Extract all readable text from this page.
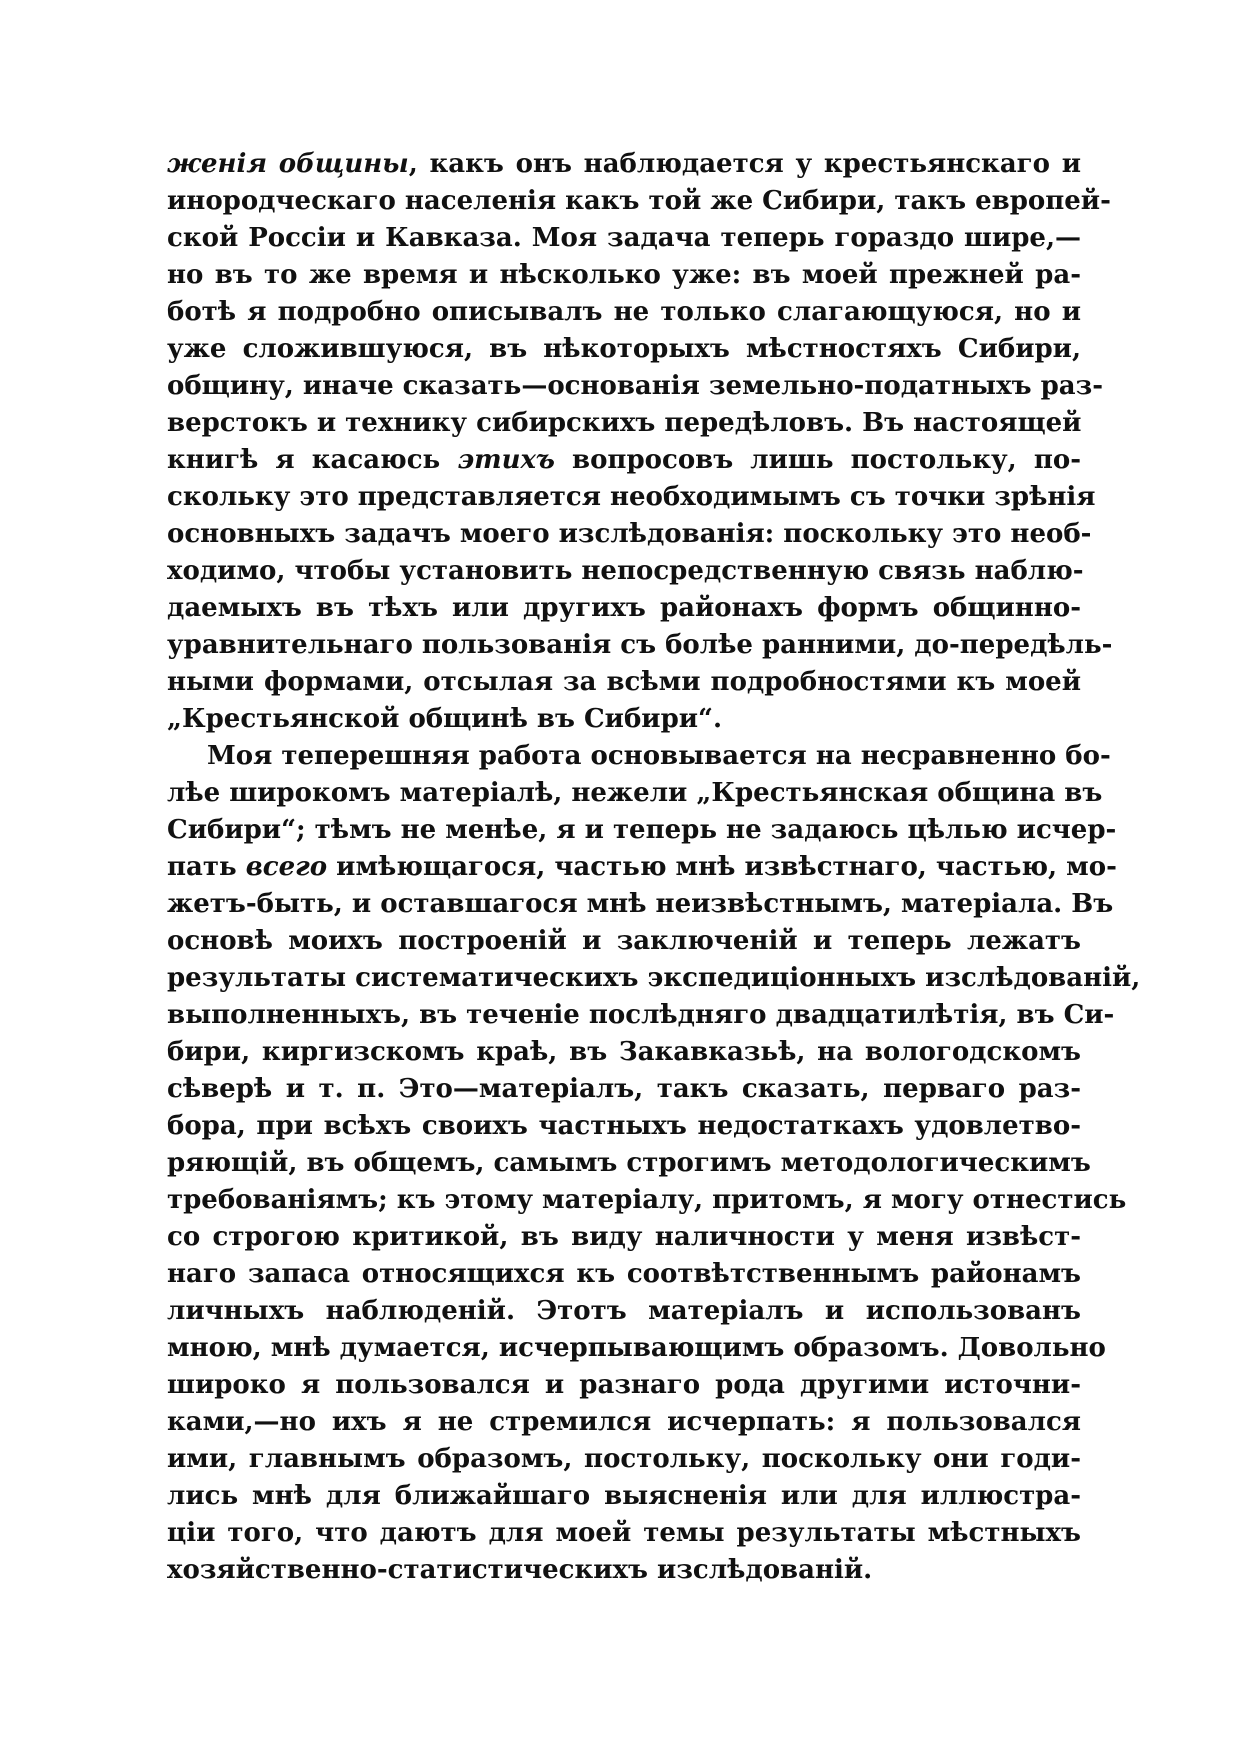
женія общины, какъ онъ наблюдается у крестьянскаго и
инородческаго населенія какъ той же Сибири, такъ европей-
ской Россіи и Кавказа. Моя задача теперь гораздо шире,—
но въ то же время и нѣсколько уже: въ моей прежней ра-
ботѣ я подробно описывалъ не только слагающуюся, но и
уже сложившуюся, въ нѣкоторыхъ мѣстностяхъ Сибири,
общину, иначе сказать—основанія земельно-податныхъ раз-
верстокъ и технику сибирскихъ передѣловъ. Въ настоящей
книгѣ я касаюсь этихъ вопросовъ лишь постольку, по-
скольку это представляется необходимымъ съ точки зрѣнія
основныхъ задачъ моего изслѣдованія: поскольку это необ-
ходимо, чтобы установить непосредственную связь наблю-
даемыхъ въ тѣхъ или другихъ районахъ формъ общинно-
уравнительнаго пользованія съ болѣе ранними, до-передѣль-
ными формами, отсылая за всѣми подробностями къ моей
„Крестьянской общинѣ въ Сибири“.
Моя теперешняя работа основывается на несравненно бо-
лѣе широкомъ матеріалѣ, нежели „Крестьянская община въ
Сибири“; тѣмъ не менѣе, я и теперь не задаюсь цѣлью исчер-
пать всего имѣющагося, частью мнѣ извѣстнаго, частью, мо-
жетъ-быть, и оставшагося мнѣ неизвѣстнымъ, матеріала. Въ
основѣ моихъ построеній и заключеній и теперь лежатъ
результаты систематическихъ экспедиціонныхъ изслѣдованій,
выполненныхъ, въ теченіе послѣдняго двадцатилѣтія, въ Си-
бири, киргизскомъ краѣ, въ Закавказьѣ, на вологодскомъ
сѣверѣ и т. п. Это—матеріалъ, такъ сказать, перваго раз-
бора, при всѣхъ своихъ частныхъ недостаткахъ удовлетво-
ряющій, въ общемъ, самымъ строгимъ методологическимъ
требованіямъ; къ этому матеріалу, притомъ, я могу отнестись
со строгою критикой, въ виду наличности у меня извѣст-
наго запаса относящихся къ соотвѣтственнымъ районамъ
личныхъ наблюденій. Этотъ матеріалъ и использованъ
мною, мнѣ думается, исчерпывающимъ образомъ. Довольно
широко я пользовался и разнаго рода другими источни-
ками,—но ихъ я не стремился исчерпать: я пользовался
ими, главнымъ образомъ, постольку, поскольку они годи-
лись мнѣ для ближайшаго выясненія или для иллюстра-
ціи того, что даютъ для моей темы результаты мѣстныхъ
хозяйственно-статистическихъ изслѣдованій.
